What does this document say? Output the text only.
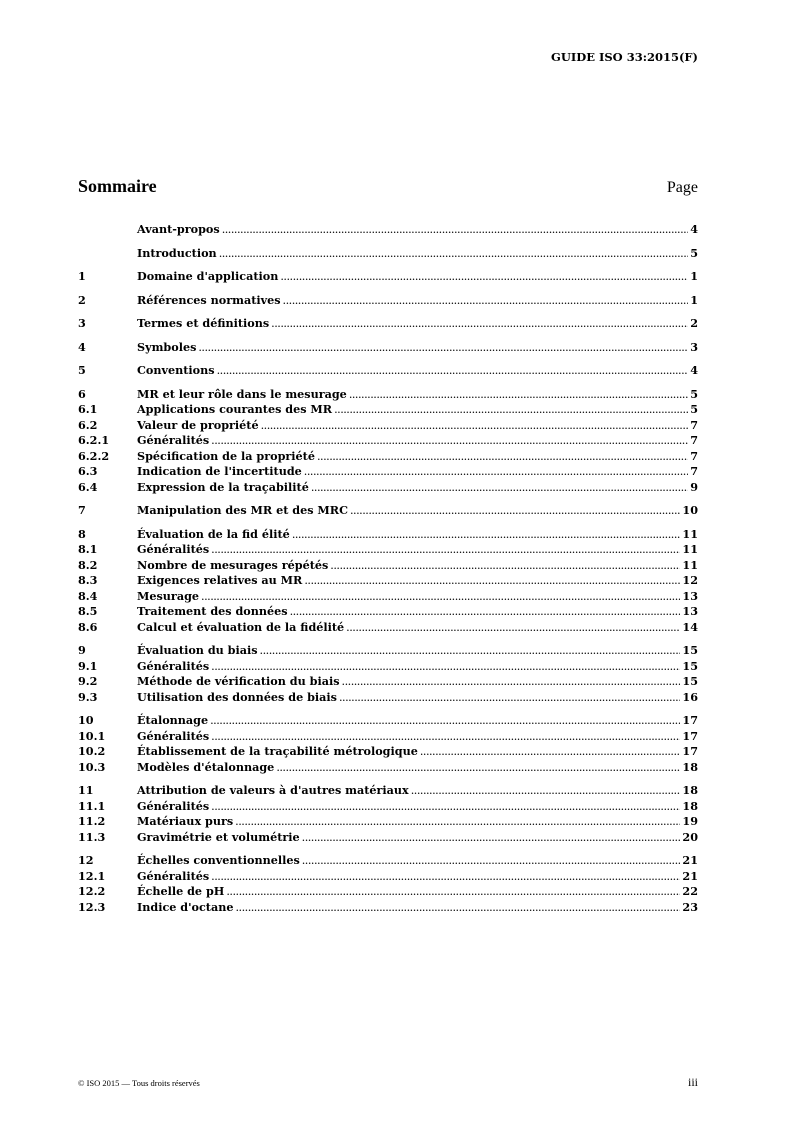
GUIDE ISO 33:2015(F)
Sommaire	Page
Avant-propos .....	4
Introduction .....	5
1	Domaine d'application .....	1
2	Références normatives .....	1
3	Termes et définitions .....	2
4	Symboles .....	3
5	Conventions .....	4
6	MR et leur rôle dans le mesurage .....	5
6.1	Applications courantes des MR .....	5
6.2	Valeur de propriété .....	7
6.2.1	Généralités .....	7
6.2.2	Spécification de la propriété .....	7
6.3	Indication de l'incertitude .....	7
6.4	Expression de la traçabilité .....	9
7	Manipulation des MR et des MRC .....	10
8	Évaluation de la fid élité .....	11
8.1	Généralités .....	11
8.2	Nombre de mesurages répétés .....	11
8.3	Exigences relatives au MR .....	12
8.4	Mesurage .....	13
8.5	Traitement des données .....	13
8.6	Calcul et évaluation de la fidélité .....	14
9	Évaluation du biais .....	15
9.1	Généralités .....	15
9.2	Méthode de vérification du biais .....	15
9.3	Utilisation des données de biais .....	16
10	Étalonnage .....	17
10.1	Généralités .....	17
10.2	Établissement de la traçabilité métrologique .....	17
10.3	Modèles d'étalonnage .....	18
11	Attribution de valeurs à d'autres matériaux .....	18
11.1	Généralités .....	18
11.2	Matériaux purs .....	19
11.3	Gravimétrie et volumétrie .....	20
12	Échelles conventionnelles .....	21
12.1	Généralités .....	21
12.2	Échelle de pH .....	22
12.3	Indice d'octane .....	23
© ISO 2015 — Tous droits réservés	iii
